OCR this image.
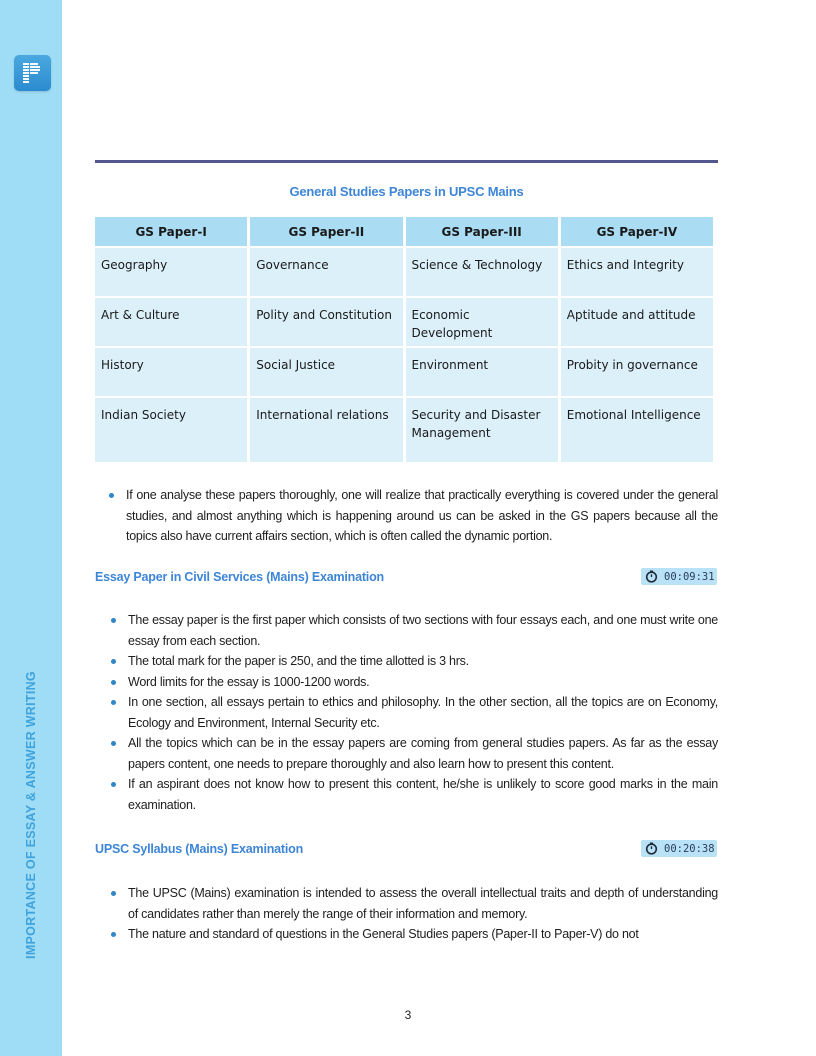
IMPORTANCE OF ESSAY & ANSWER WRITING
General Studies Papers in UPSC Mains
GS Paper-I	GS Paper-II	GS Paper-III	GS Paper-IV
Geography	Governance	Science & Technology	Ethics and Integrity
Art & Culture	Polity and Constitution	Economic Development	Aptitude and attitude
History	Social Justice	Environment	Probity in governance
Indian Society	International relations	Security and Disaster Management	Emotional Intelligence
If one analyse these papers thoroughly, one will realize that practically everything is covered under the general studies, and almost anything which is happening around us can be asked in the GS papers because all the topics also have current affairs section, which is often called the dynamic portion.
Essay Paper in Civil Services (Mains) Examination	00:09:31
The essay paper is the first paper which consists of two sections with four essays each, and one must write one essay from each section.
The total mark for the paper is 250, and the time allotted is 3 hrs.
Word limits for the essay is 1000-1200 words.
In one section, all essays pertain to ethics and philosophy. In the other section, all the topics are on Economy, Ecology and Environment, Internal Security etc.
All the topics which can be in the essay papers are coming from general studies papers. As far as the essay papers content, one needs to prepare thoroughly and also learn how to present this content.
If an aspirant does not know how to present this content, he/she is unlikely to score good marks in the main examination.
UPSC Syllabus (Mains) Examination	00:20:38
The UPSC (Mains) examination is intended to assess the overall intellectual traits and depth of understanding of candidates rather than merely the range of their information and memory.
The nature and standard of questions in the General Studies papers (Paper-II to Paper-V) do not
3
